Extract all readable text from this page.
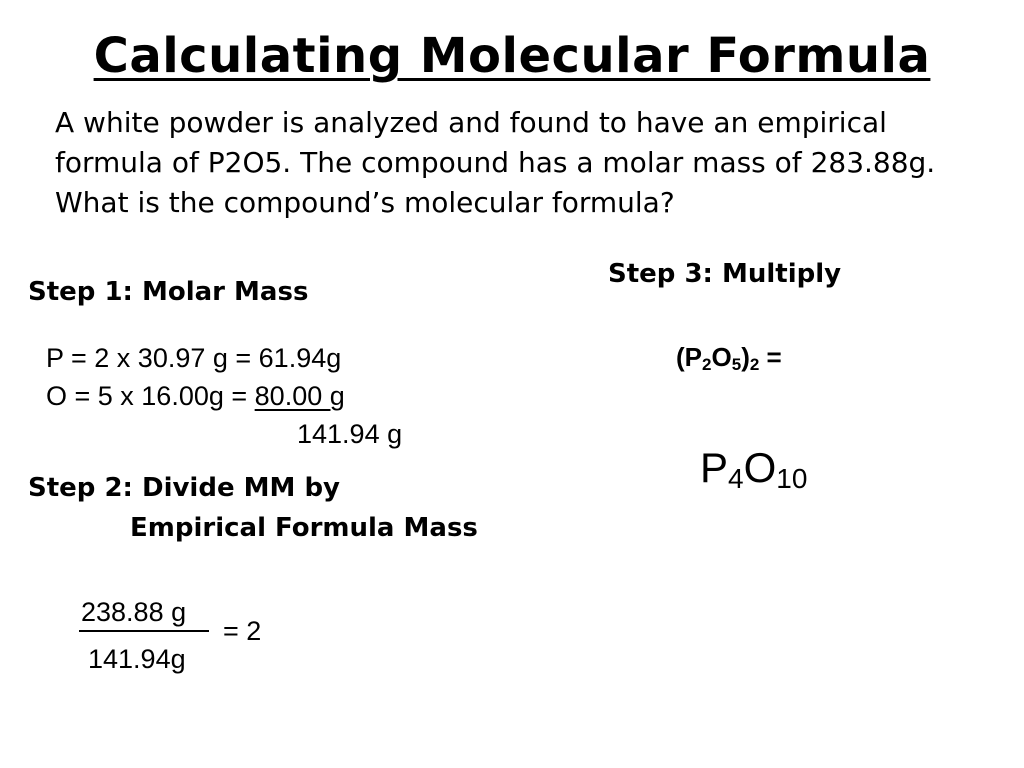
Calculating Molecular Formula
A white powder is analyzed and found to have an empirical formula of P2O5. The compound has a molar mass of 283.88g. What is the compound’s molecular formula?
Step 1: Molar Mass
P = 2 x 30.97 g = 61.94g
O = 5 x 16.00g = 80.00 g
141.94 g
Step 2: Divide MM by
Empirical Formula Mass
238.88 g
141.94g
= 2
Step 3: Multiply
$(P_2O_5)_2$ =
$P_4O_{10}$
